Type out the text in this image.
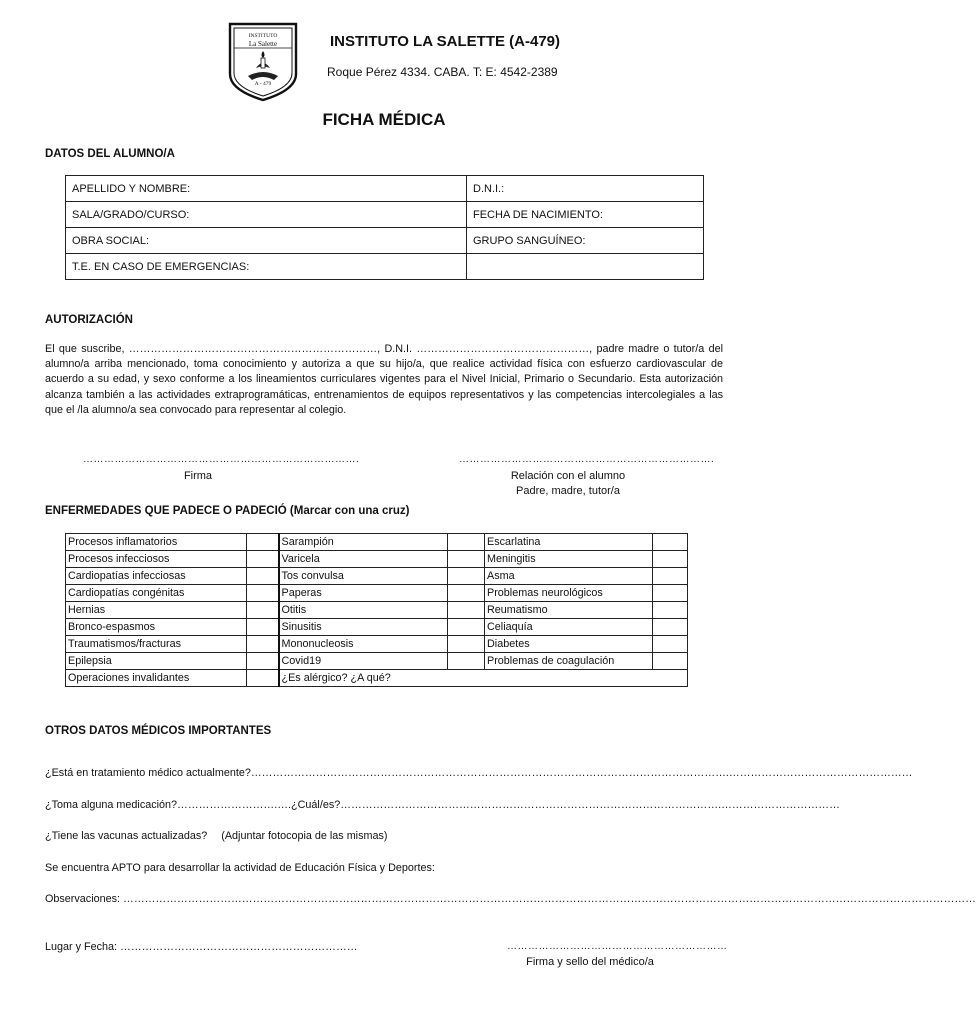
INSTITUTO
La Salette
A - 479
INSTITUTO LA SALETTE (A-479)
Roque Pérez 4334. CABA. T: E: 4542-2389
FICHA MÉDICA
DATOS DEL ALUMNO/A
APELLIDO Y NOMBRE:	D.N.I.:
SALA/GRADO/CURSO:	FECHA DE NACIMIENTO:
OBRA SOCIAL:	GRUPO SANGUÍNEO:
T.E. EN CASO DE EMERGENCIAS:	
AUTORIZACIÓN
El que suscribe, ……………………………………………………………, D.N.I. …………………………………………, padre madre o tutor/a del alumno/a arriba mencionado, toma conocimiento y autoriza a que su hijo/a, que realice actividad física con esfuerzo cardiovascular de acuerdo a su edad, y sexo conforme a los lineamientos curriculares vigentes para el Nivel Inicial, Primario o Secundario. Esta autorización alcanza también a las actividades extraprogramáticas, entrenamientos de equipos representativos y las competencias intercolegiales a las que el /la alumno/a sea convocado para representar al colegio.
…………………………………………………………………….
Firma
……………………………………………………………….
Relación con el alumno
Padre, madre, tutor/a
ENFERMEDADES QUE PADECE O PADECIÓ (Marcar con una cruz)
Procesos inflamatorios		Sarampión		Escarlatina	
Procesos infecciosos		Varicela		Meningitis	
Cardiopatías infecciosas		Tos convulsa		Asma	
Cardiopatías congénitas		Paperas		Problemas neurológicos	
Hernias		Otitis		Reumatismo	
Bronco-espasmos		Sinusitis		Celiaquía	
Traumatismos/fracturas		Mononucleosis		Diabetes	
Epilepsia		Covid19		Problemas de coagulación	
Operaciones invalidantes		¿Es alérgico? ¿A qué?			
OTROS DATOS MÉDICOS IMPORTANTES
¿Está en tratamiento médico actualmente?…………………………………………………………………………………………………………………….……………………………………………
¿Toma alguna medicación?……………………….….¿Cuál/es?…………………………………………………………………………………………….……………………………
¿Tiene las vacunas actualizadas? (Adjuntar fotocopia de las mismas)
Se encuentra APTO para desarrollar la actividad de Educación Física y Deportes:
Observaciones: …………………………………………………………………………………………………………………………………………………………………………………………………………………
Lugar y Fecha: …………………………………………………………	………………………………………………………
Firma y sello del médico/a
